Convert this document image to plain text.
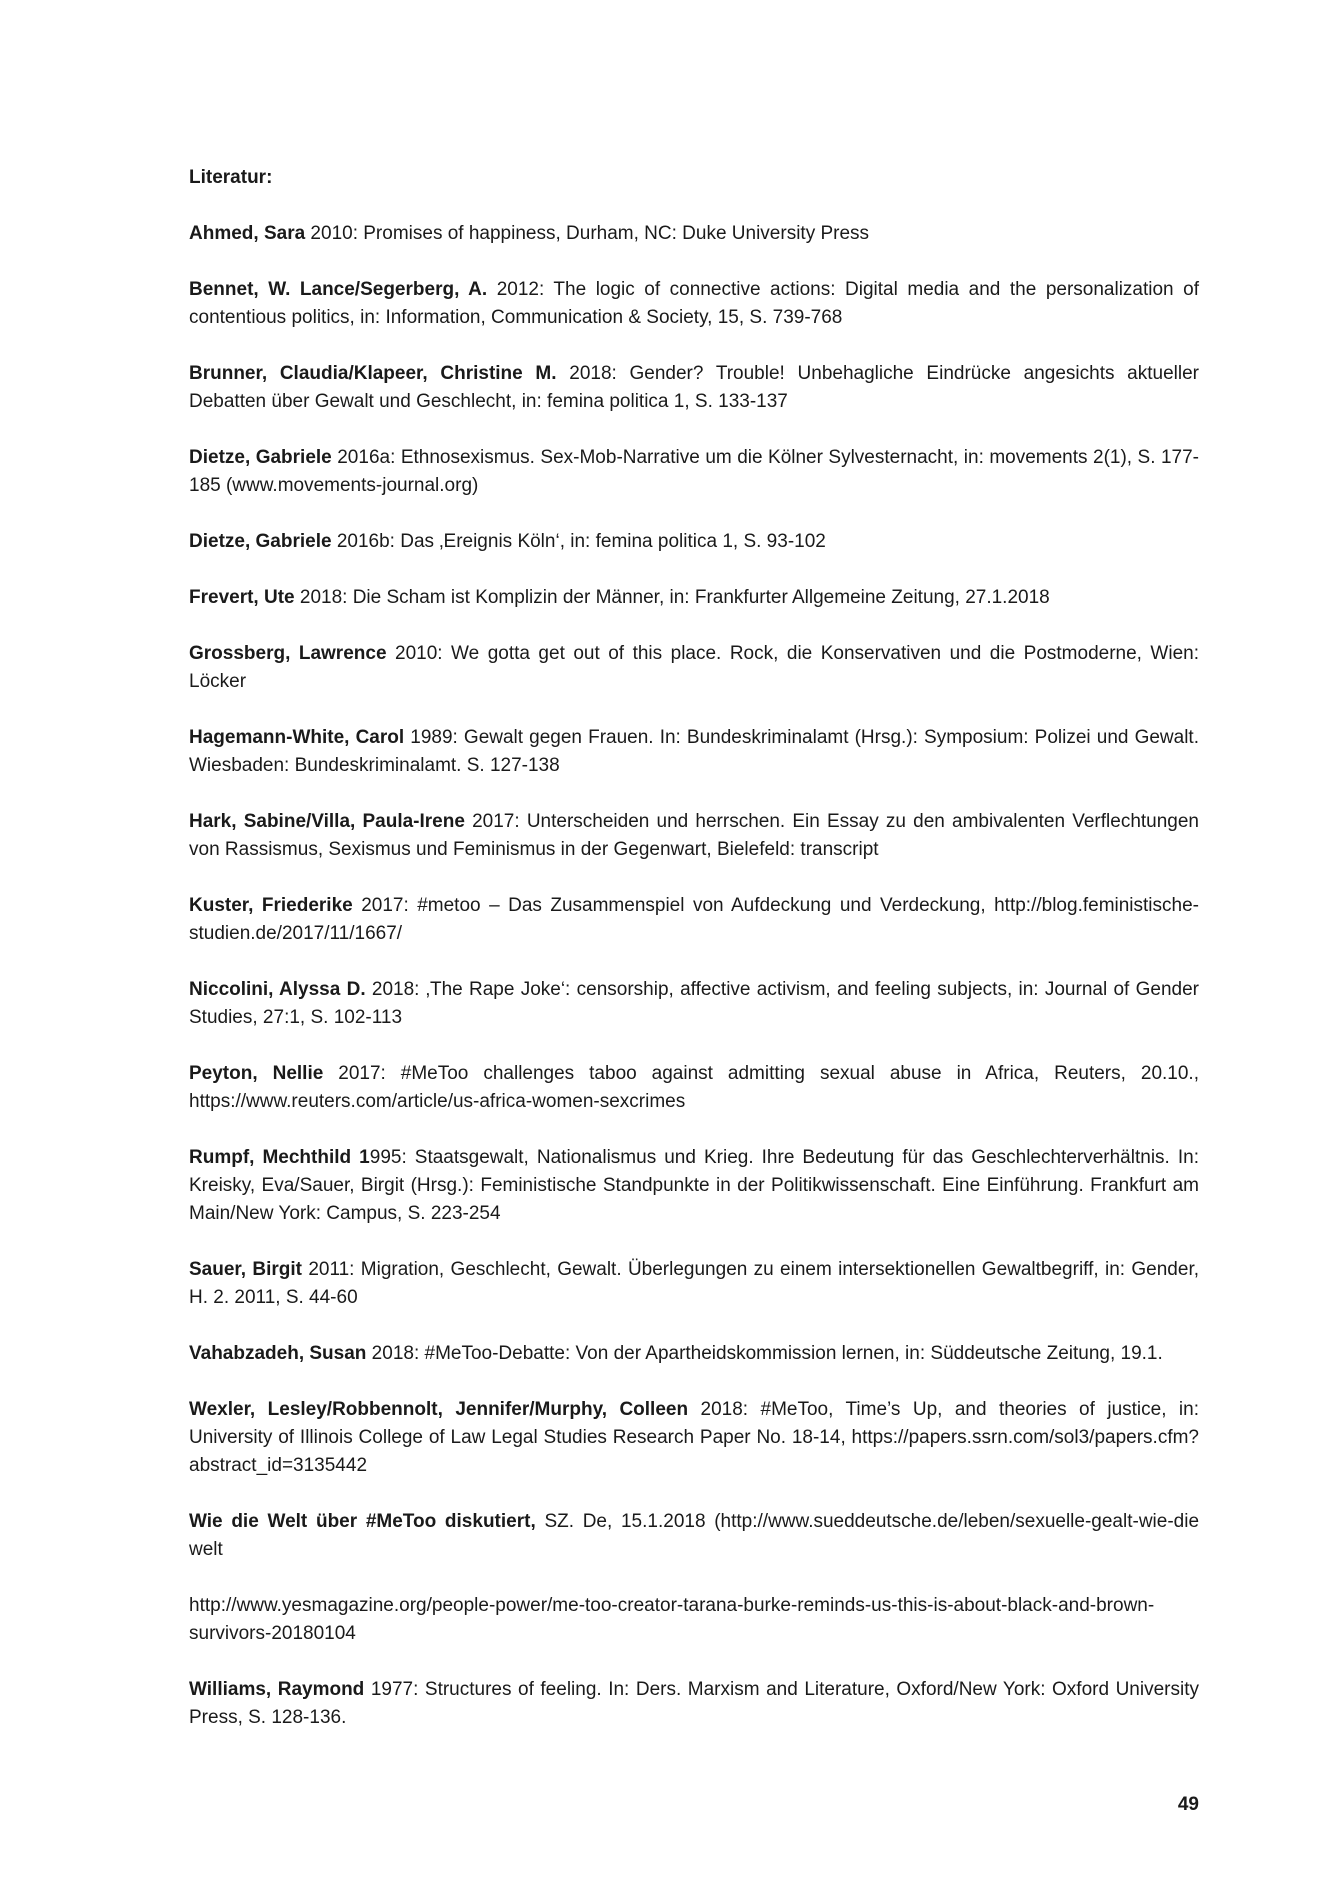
Literatur:
Ahmed, Sara 2010: Promises of happiness, Durham, NC: Duke University Press
Bennet, W. Lance/Segerberg, A. 2012: The logic of connective actions: Digital media and the personalization of contentious politics, in: Information, Communication & Society, 15, S. 739-768
Brunner, Claudia/Klapeer, Christine M. 2018: Gender? Trouble! Unbehagliche Eindrücke angesichts aktueller Debatten über Gewalt und Geschlecht, in: femina politica 1, S. 133-137
Dietze, Gabriele 2016a: Ethnosexismus. Sex-Mob-Narrative um die Kölner Sylvesternacht, in: movements 2(1), S. 177-185 (www.movements-journal.org)
Dietze, Gabriele 2016b: Das ‚Ereignis Köln‘, in: femina politica 1, S. 93-102
Frevert, Ute 2018: Die Scham ist Komplizin der Männer, in: Frankfurter Allgemeine Zeitung, 27.1.2018
Grossberg, Lawrence 2010: We gotta get out of this place. Rock, die Konservativen und die Postmoderne, Wien: Löcker
Hagemann-White, Carol 1989: Gewalt gegen Frauen. In: Bundeskriminalamt (Hrsg.): Symposium: Polizei und Gewalt. Wiesbaden: Bundeskriminalamt. S. 127-138
Hark, Sabine/Villa, Paula-Irene 2017: Unterscheiden und herrschen. Ein Essay zu den ambivalenten Verflechtungen von Rassismus, Sexismus und Feminismus in der Gegenwart, Bielefeld: transcript
Kuster, Friederike 2017: #metoo – Das Zusammenspiel von Aufdeckung und Verdeckung, http://blog.feministische-studien.de/2017/11/1667/
Niccolini, Alyssa D. 2018: ‚The Rape Joke‘: censorship, affective activism, and feeling subjects, in: Journal of Gender Studies, 27:1, S. 102-113
Peyton, Nellie 2017: #MeToo challenges taboo against admitting sexual abuse in Africa, Reuters, 20.10., https://www.reuters.com/article/us-africa-women-sexcrimes
Rumpf, Mechthild 1995: Staatsgewalt, Nationalismus und Krieg. Ihre Bedeutung für das Geschlechterverhältnis. In: Kreisky, Eva/Sauer, Birgit (Hrsg.): Feministische Standpunkte in der Politikwissenschaft. Eine Einführung. Frankfurt am Main/New York: Campus, S. 223-254
Sauer, Birgit 2011: Migration, Geschlecht, Gewalt. Überlegungen zu einem intersektionellen Gewaltbegriff, in: Gender, H. 2. 2011, S. 44-60
Vahabzadeh, Susan 2018: #MeToo-Debatte: Von der Apartheidskommission lernen, in: Süddeutsche Zeitung, 19.1.
Wexler, Lesley/Robbennolt, Jennifer/Murphy, Colleen 2018: #MeToo, Time’s Up, and theories of justice, in: University of Illinois College of Law Legal Studies Research Paper No. 18-14, https://papers.ssrn.com/sol3/papers.cfm?abstract_id=3135442
Wie die Welt über #MeToo diskutiert, SZ. De, 15.1.2018 (http://www.sueddeutsche.de/leben/sexuelle-gealt-wie-die welt
http://www.yesmagazine.org/people-power/me-too-creator-tarana-burke-reminds-us-this-is-about-black-and-brown-survivors-20180104
Williams, Raymond 1977: Structures of feeling. In: Ders. Marxism and Literature, Oxford/New York: Oxford University Press, S. 128-136.
49
